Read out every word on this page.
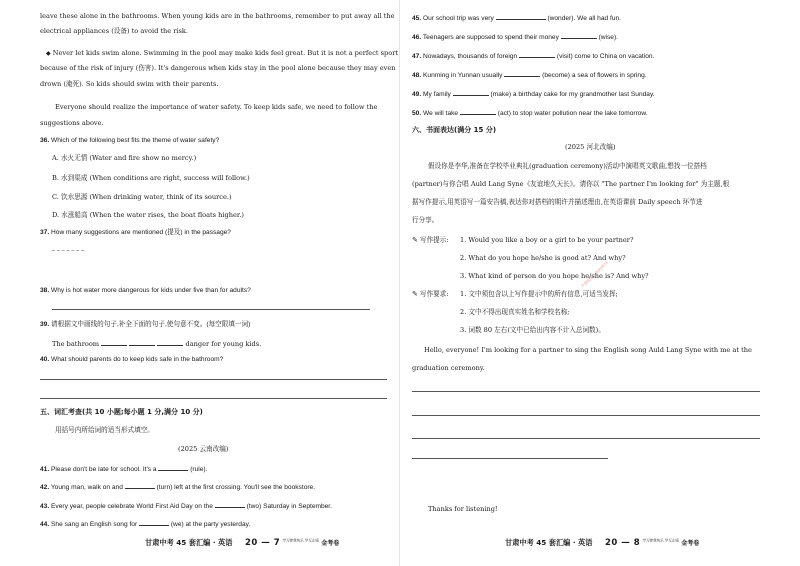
leave these alone in the bathrooms. When young kids are in the bathrooms, remember to put away all the
electrical appliances (设备) to avoid the risk.
◆ Never let kids swim alone. Swimming in the pool may make kids feel great. But it is not a perfect sport
because of the risk of injury (伤害). It's dangerous when kids stay in the pool alone because they may even
drown (淹死). So kids should swim with their parents.
Everyone should realize the importance of water safety. To keep kids safe, we need to follow the
suggestions above.
36. Which of the following best fits the theme of water safety?
A. 水火无情 (Water and fire show no mercy.)
B. 水到渠成 (When conditions are right, success will follow.)
C. 饮水思源 (When drinking water, think of its source.)
D. 水涨船高 (When the water rises, the boat floats higher.)
37. How many suggestions are mentioned (提及) in the passage?
38. Why is hot water more dangerous for kids under five than for adults?
39. 请根据文中画线的句子,补全下面的句子,使句意不变。(每空限填一词)
The bathroom	danger for young kids.
40. What should parents do to keep kids safe in the bathroom?
五、词汇考查(共 10 小题;每小题 1 分,满分 10 分)
用括号内所给词的适当形式填空。
(2025 云南改编)
41. Please don't be late for school. It's a	(rule).
42. Young man, walk on and	(turn) left at the first crossing. You'll see the bookstore.
43. Every year, people celebrate World First Aid Day on the	(two) Saturday in September.
44. She sang an English song for	(we) at the party yesterday.
甘肃中考 45 套汇编 · 英语 20 — 7 $^{学习使我快乐 学无止境}$ 金考卷
45. Our school trip was very	(wonder). We all had fun.
46. Teenagers are supposed to spend their money	(wise).
47. Nowadays, thousands of foreign	(visit) come to China on vacation.
48. Kunming in Yunnan usually	(become) a sea of flowers in spring.
49. My family	(make) a birthday cake for my grandmother last Sunday.
50. We will take	(act) to stop water pollution near the lake tomorrow.
六、书面表达(满分 15 分)
(2025 河北改编)
假设你是李华,准备在学校毕业典礼(graduation ceremony)活动中演唱英文歌曲,想找一位搭档
(partner)与你合唱 Auld Lang Syne《友谊地久天长》。请你以 "The partner I'm looking for" 为主题,根
据写作提示,用英语写一篇安告稿,表达你对搭档的期许并描述理由,在英语课前 Daily speech 环节进
行分享。
✎ 写作提示: 1. Would you like a boy or a girl to be your partner?
2. What do you hope he/she is good at? And why?
3. What kind of person do you hope he/she is? And why?
✎ 写作要求: 1. 文中须包含以上写作提示中的所有信息,可适当发挥;
2. 文中不得出现真实姓名和学校名称;
3. 词数 80 左右(文中已给出内容不计入总词数)。
Hello, everyone! I'm looking for a partner to sing the English song Auld Lang Syne with me at the
graduation ceremony.
Thanks for listening!
甘肃中考 45 套汇编 · 英语 20 — 8 $^{学习使我快乐 学无止境}$ 金考卷
严禁转载 · 版权所有
